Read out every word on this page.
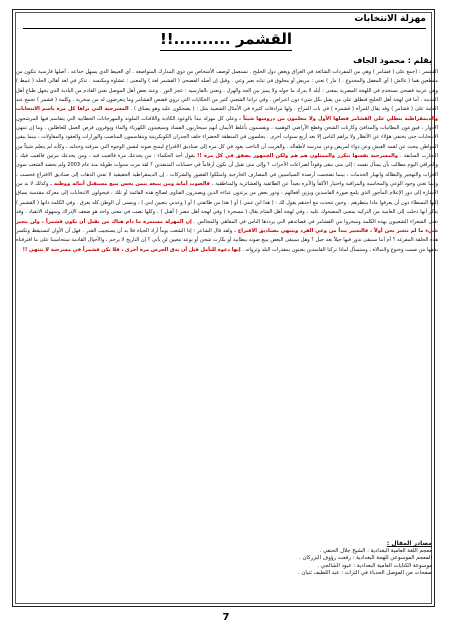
مهزلة الانتخابات
القشمر ..........!!
بقلم : محمود الجاف
القشمر : (جمع على ( قشامر ) وهي من المفردات الشائعة في العراق ويعض دول الخليج . تستعمل لوصف الأشخاص من ذوي المدارك المتواضعة . أي العبيط الذي يسهل خداعه . أصلها فارسية تتكون من مقطعين هما ( غالش ) أي المغفل والمخدوع . ( مار ) تعني : مريض أو مخلوق في ثيابه بغير وعي . وقيل إن أصله الفصحى ( القشمر لغة ) والمعنى : غشاوة ومكنسة . تذكر في لغة أهالي الحلة ( غبيط ) وهي عربية فصحى تستخدم في اللهجة المصرية بمعنى : أبله لا يدرك ما حوله ولا يميز بين الجد والهزل . وتعني بالفارسية : عجز الثور . وعند بعض أهل الموصل تعني القادم من البادية الذي يجهل طباع أهل المدينة . أما في لهجة أهل الخليج فتطلق على من يقبل بكل شيء دون اعتراض . وفي تراثنا الشعبي كثير من الحكايات التي تروي قصص القشامر وما يتعرضون له من سخرية . وكلمة ( قشمر ) تجمع عند العامة على ( قشامر ) وقد يقال للمرأة ( قشمرة ) في باب المزاح . ولها مرادفات كثيرة في الأمثال الشعبية مثل : ( يضحكون عليه وهو يصدّق ) . المسرحية التي نراها كل مرة باسم الانتخابات والديمقراطية ينطلي على القشامر فصلها الأول ولا يتعلمون من دروسها شيئاً ، وعلى كل مهزلة تبدأ بالوعود الكاذبة واللافتات الملونة والمهرجانات الخطابية التي يتقاسم فيها المرشحون الأدوار ، فيوزعون البطانيات والمدافئ وكارتات الشحن وقطع الأراضي الوهمية ، ويقسمون بأغلظ الأيمان أنهم سيحاربون الفساد وسيعيدون الكهرباء والماء ويوفرون فرص العمل للعاطلين . وما إن تنتهي الانتخابات حتى يختفي هؤلاء عن الأنظار ولا يراهم الناس إلا بعد أربع سنوات أخرى . يجلسون في المنطقة الخضراء خلف الجدران الكونكريتية ويتقاسمون المناصب والوزارات والعقود والمقاولات ، بينما يبقى المواطن يبحث عن لقمة العيش وعن دواء لمريض وعن مدرسة لأطفاله . والغريب أن الناخب يعود في كل مرة إلى صناديق الاقتراع ليمنح صوته لنفس الوجوه التي سرقته وخذلته ، وكأنه لم يتعلم شيئاً من التجارب السابقة . والمسرحية نفسها تتكرر والممثلون هم هم ولكن الجمهور يصفق في كل مرة !! يقول أحد الحكماء : من يخدعك مرة فالعيب فيه ، ومن يخدعك مرتين فالعيب فيك . والعراقي اليوم مطالب بأن يسأل نفسه : إلى متى نبقى وقوداً لصراعات الأحزاب ؟ وإلى متى نقبل أن نكون أرقاماً في حسابات المتنفذين ؟ لقد مرت سنوات طويلة منذ عام 2003 ولم يحصد الشعب سوى الخراب والتهجير والبطالة وانهيار الخدمات ، بينما تضخمت أرصدة السياسيين في المصارف الخارجية وامتلكوا القصور والشركات . إن الديمقراطية الحقيقية لا تعني الذهاب إلى صناديق الاقتراع فحسب ، وإنما تعني وجود الوعي والمحاسبة والمراقبة واختيار الأكفأ والأنزه بعيداً عن الطائفية والعشائرية والمناطقية ، فالصوت أمانة ومن يبيعه بثمن بخس يبيع مستقبل أبنائه ووطنه . وكذلك لا بد من الإشارة إلى دور الإعلام المأجور الذي يلمع صورة الفاسدين ويزين أفعالهم ، ودور بعض من يرتدون عباءة الدين ويصدرون الفتاوى لصالح هذه القائمة أو تلك ، فيحولون الانتخابات إلى معركة مقدسة يساق إليها البسطاء دون أن يعرفوا ماذا ينتظرهم . وحين تتحدث مع أحدهم يقول لك : ( هذا ابن عمي ) أو ( هذا من طائفتي ) أو ( وعدني بتعيين ابني ) ، وينسى أن الوطن كله يغرق . وفي الكلمة ذاتها ( القشمر ) يذكر أنها دخلت إلى العامية من التركية بمعنى المضحوك عليه ، وفي لهجة أهل الشام يقال ( مسخرة ) وفي لهجة أهل مصر ( أهبل ) ، وكلها تصب في معنى واحد هو ضعف الإدراك وسهولة الانقياد . وقد تغنى الشعراء الشعبيون بهذه الكلمة وسخروا من القشامر في قصائدهم التي يرددها الناس في المقاهي والمجالس . إن المهزلة مستمرة ما دام هناك من يقبل أن يكون قشمراً ، ولن يتغير شيء ما لم نتغير نحن أولاً ، فالتغيير يبدأ من وعي الفرد وينتهي بصناديق الاقتراع . ولقد قال الشاعر : إذا الشعب يوماً أراد الحياة فلا بد أن يستجيب القدر . فهل آن الأوان لنستيقظ ونكسر هذه الحلقة المفرغة ؟ أم أننا سنبقى ندور فيها جيلاً بعد جيل ؟ وهل سيبقى البعض يبيع صوته ببطانية أو بكارت شحن أو بوعد بتعيين لن يأتي ؟ إن التاريخ لا يرحم ، والأجيال القادمة ستحاسبنا على ما اقترفناه بحقها من صمت وخنوع ولامبالاة ، وستسأل لماذا تركنا الفاسدين يعبثون بمقدرات البلد وثرواته . إنها دعوة للتأمل قبل أن يدق الجرس مرة أخرى ، فلا تكن قشمراً في مسرحية لا تنتهي !!
مصادر المقال :
معجم اللغة العامية البغدادية : الشيخ جلال الحنفي .
المعجم الموسوعي للهجة البغدادية : رفعت رؤوف البزركان .
موسوعة الكنايات العامية البغدادية : عبود الشالجي .
صفحات من الموصل الحدباء في التراث : عبد اللطيف ثنيان .
7
